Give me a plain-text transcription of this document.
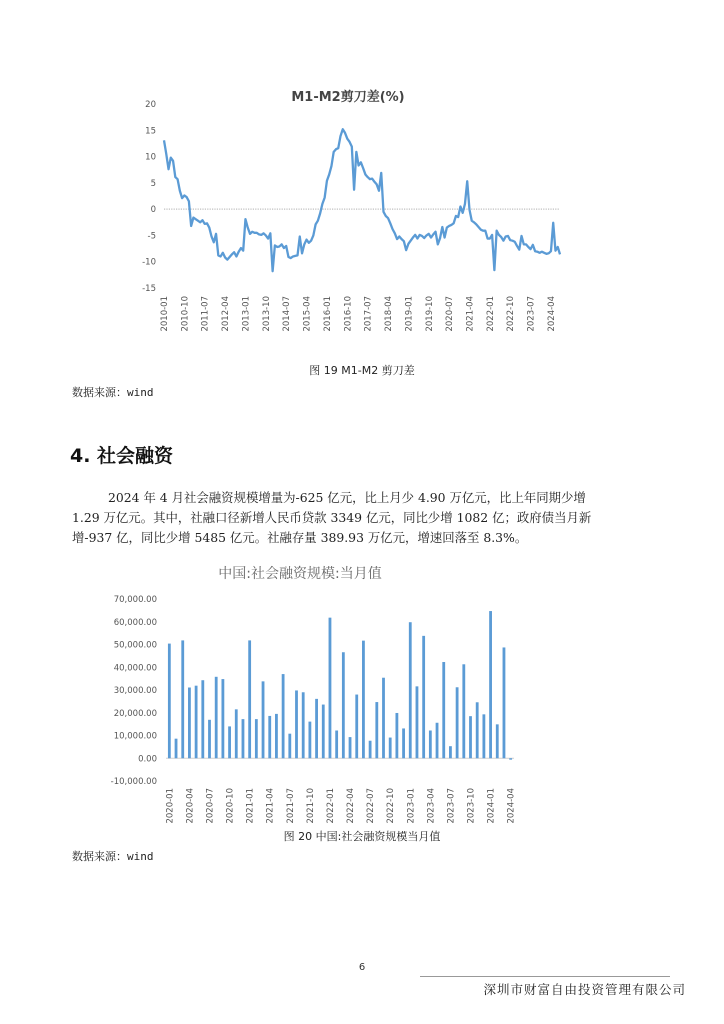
M1-M2剪刀差(%)
20
15
10
5
0
-5
-10
-15
2010-01 2010-10 2011-07 2012-04 2013-01 2013-10 2014-07 2015-04 2016-01 2016-10 2017-07 2018-04 2019-01 2019-10 2020-07 2021-04 2022-01 2022-10 2023-07 2024-04
图 19 M1-M2 剪刀差
数据来源：wind
4. 社会融资

2024 年 4 月社会融资规模增量为-625 亿元，比上月少 4.90 万亿元，比上年同期少增

1.29 万亿元。其中，社融口径新增人民币贷款 3349 亿元，同比少增 1082 亿；政府债当月新

增-937 亿，同比少增 5485 亿元。社融存量 389.93 万亿元，增速回落至 8.3%。

中国:社会融资规模:当月值
70,000.00
60,000.00
50,000.00
40,000.00
30,000.00
20,000.00
10,000.00
0.00
-10,000.00
2020-01 2020-04 2020-07 2020-10 2021-01 2021-04 2021-07 2021-10 2022-01 2022-04 2022-07 2022-10 2023-01 2023-04 2023-07 2023-10 2024-01 2024-04
图 20 中国:社会融资规模当月值
数据来源：wind
6
深圳市财富自由投资管理有限公司
